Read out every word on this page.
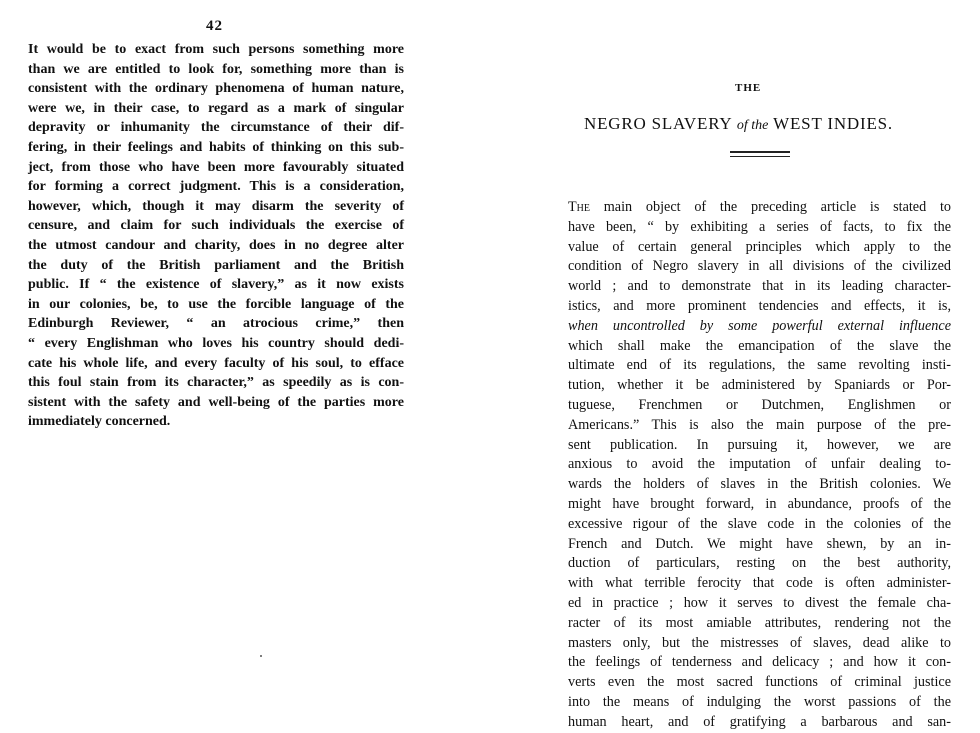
42
It would be to exact from such persons something more
than we are entitled to look for, something more than is
consistent with the ordinary phenomena of human nature,
were we, in their case, to regard as a mark of singular
depravity or inhumanity the circumstance of their dif-
fering, in their feelings and habits of thinking on this sub-
ject, from those who have been more favourably situated
for forming a correct judgment. This is a consideration,
however, which, though it may disarm the severity of
censure, and claim for such individuals the exercise of
the utmost candour and charity, does in no degree alter
the duty of the British parliament and the British
public. If “ the existence of slavery,” as it now exists
in our colonies, be, to use the forcible language of the
Edinburgh Reviewer, “ an atrocious crime,” then
“ every Englishman who loves his country should dedi-
cate his whole life, and every faculty of his soul, to efface
this foul stain from its character,” as speedily as is con-
sistent with the safety and well-being of the parties more
immediately concerned.
THE
NEGRO SLAVERY of the WEST INDIES.
The main object of the preceding article is stated to
have been, “ by exhibiting a series of facts, to fix the
value of certain general principles which apply to the
condition of Negro slavery in all divisions of the civilized
world ; and to demonstrate that in its leading character-
istics, and more prominent tendencies and effects, it is,
when uncontrolled by some powerful external influence
which shall make the emancipation of the slave the
ultimate end of its regulations, the same revolting insti-
tution, whether it be administered by Spaniards or Por-
tuguese, Frenchmen or Dutchmen, Englishmen or
Americans.” This is also the main purpose of the pre-
sent publication. In pursuing it, however, we are
anxious to avoid the imputation of unfair dealing to-
wards the holders of slaves in the British colonies. We
might have brought forward, in abundance, proofs of the
excessive rigour of the slave code in the colonies of the
French and Dutch. We might have shewn, by an in-
duction of particulars, resting on the best authority,
with what terrible ferocity that code is often administer-
ed in practice ; how it serves to divest the female cha-
racter of its most amiable attributes, rendering not the
masters only, but the mistresses of slaves, dead alike to
the feelings of tenderness and delicacy ; and how it con-
verts even the most sacred functions of criminal justice
into the means of indulging the worst passions of the
human heart, and of gratifying a barbarous and san-
